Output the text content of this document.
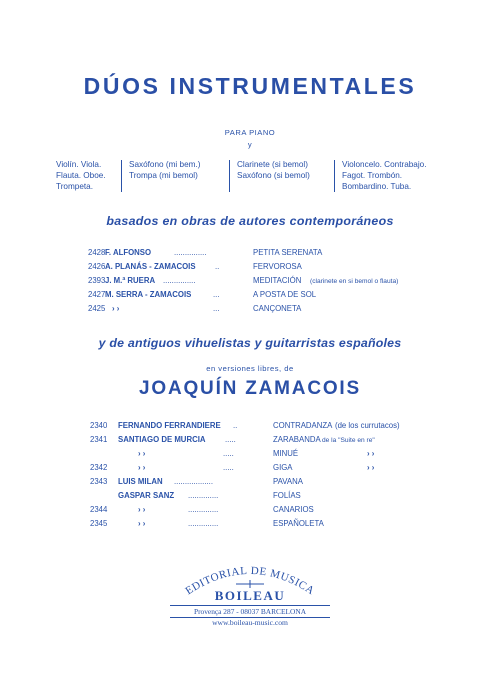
DÚOS INSTRUMENTALES
PARA PIANO
y
Violín. Viola.
Flauta. Oboe.
Trompeta.
Saxófono (mi bem.)
Trompa (mi bemol)
Clarinete (si bemol)
Saxófono (si bemol)
Violoncelo. Contrabajo.
Fagot. Trombón.
Bombardino. Tuba.
basados en obras de autores contemporáneos
2428 F. ALFONSO	...............	PETITA SERENATA
2426 A. PLANÁS - ZAMACOIS ..	FERVOROSA
2393 J. M.ª RUERA ...............	MEDITACIÓN (clarinete en si bemol o flauta)
2427 M. SERRA - ZAMACOIS	...	A POSTA DE SOL
2425 › ›	...	CANÇONETA
y de antiguos vihuelistas y guitarristas españoles
en versiones libres, de
JOAQUÍN ZAMACOIS
2340 FERNANDO FERRANDIERE ..	CONTRADANZA (de los currutacos)
2341 SANTIAGO DE MURCIA	.....	ZARABANDA de la "Suite en re"
› ›	.....	MINUÉ	› ›
2342	› ›	.....	GIGA	› ›
2343 LUIS MILAN ..................	PAVANA
GASPAR SANZ ..............	FOLÍAS
2344	› ›	..............	CANARIOS
2345	› ›	..............	ESPAÑOLETA
EDITORIAL DE MUSICA
BOILEAU
Provença 287 - 08037 BARCELONA
www.boileau-music.com
